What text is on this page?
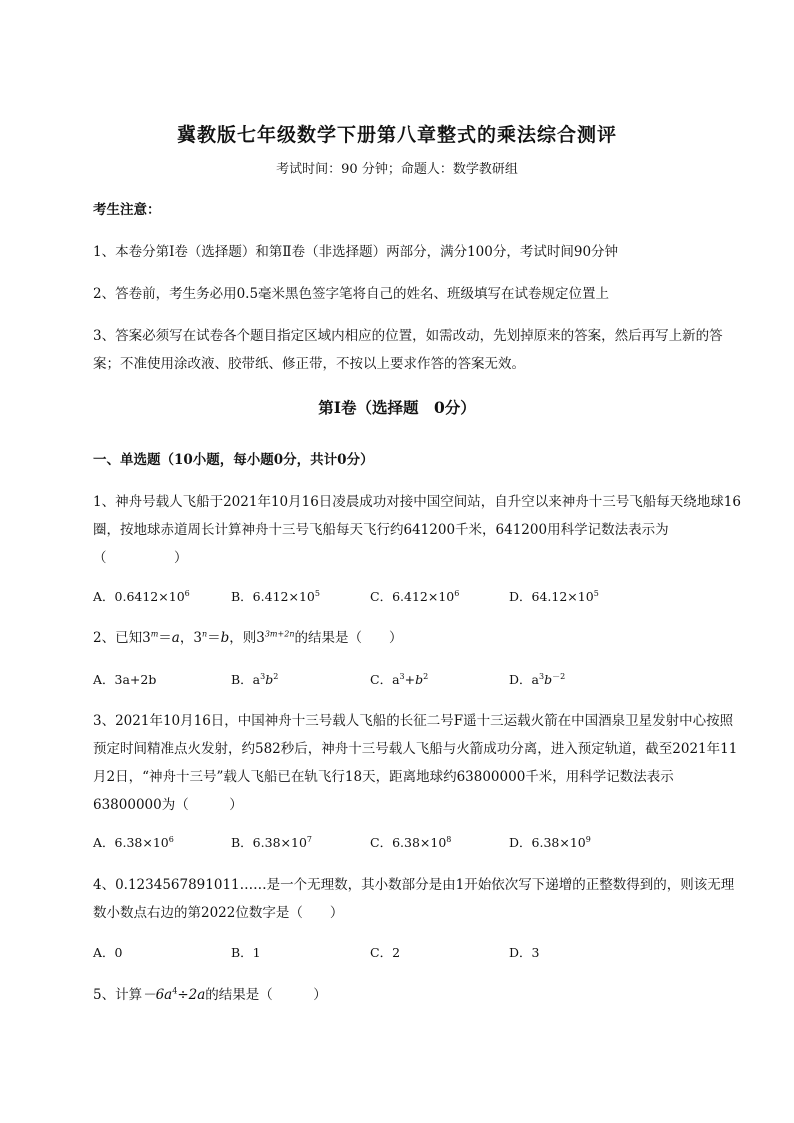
冀教版七年级数学下册第八章整式的乘法综合测评
考试时间：90 分钟；命题人：数学教研组
考生注意：
1、本卷分第Ⅰ卷（选择题）和第Ⅱ卷（非选择题）两部分，满分100分，考试时间90分钟
2、答卷前，考生务必用0.5毫米黑色签字笔将自己的姓名、班级填写在试卷规定位置上
3、答案必须写在试卷各个题目指定区域内相应的位置，如需改动，先划掉原来的答案，然后再写上新的答案；不准使用涂改液、胶带纸、修正带，不按以上要求作答的答案无效。
第Ⅰ卷（选择题　0分）
一、单选题（10小题，每小题0分，共计0分）
1、神舟号载人飞船于2021年10月16日凌晨成功对接中国空间站，自升空以来神舟十三号飞船每天绕地球16圈，按地球赤道周长计算神舟十三号飞船每天飞行约641200千米，641200用科学记数法表示为（　　　　　）
A．$0.6412\times 10^6$	B．$6.412\times 10^5$	C．$6.412\times 10^6$	D．$64.12\times 10^5$
2、已知$3^m=a$，$3^n=b$，则$3^{3m+2n}$的结果是（　　）
A．3a+2b	B．$a^3b^2$	C．$a^3+b^2$	D．$a^3b^{-2}$
3、2021年10月16日，中国神舟十三号载人飞船的长征二号F遥十三运载火箭在中国酒泉卫星发射中心按照预定时间精准点火发射，约582秒后，神舟十三号载人飞船与火箭成功分离，进入预定轨道，截至2021年11月2日，“神舟十三号”载人飞船已在轨飞行18天，距离地球约63800000千米，用科学记数法表示 63800000为（　　　）
A．$6.38\times 10^6$	B．$6.38\times 10^7$	C．$6.38\times 10^8$	D．$6.38\times 10^9$
4、0.1234567891011……是一个无理数，其小数部分是由1开始依次写下递增的正整数得到的，则该无理数小数点右边的第2022位数字是（　　）
A．0	B．1	C．2	D．3
5、计算$-6a^4\div 2a$的结果是（　　　）
